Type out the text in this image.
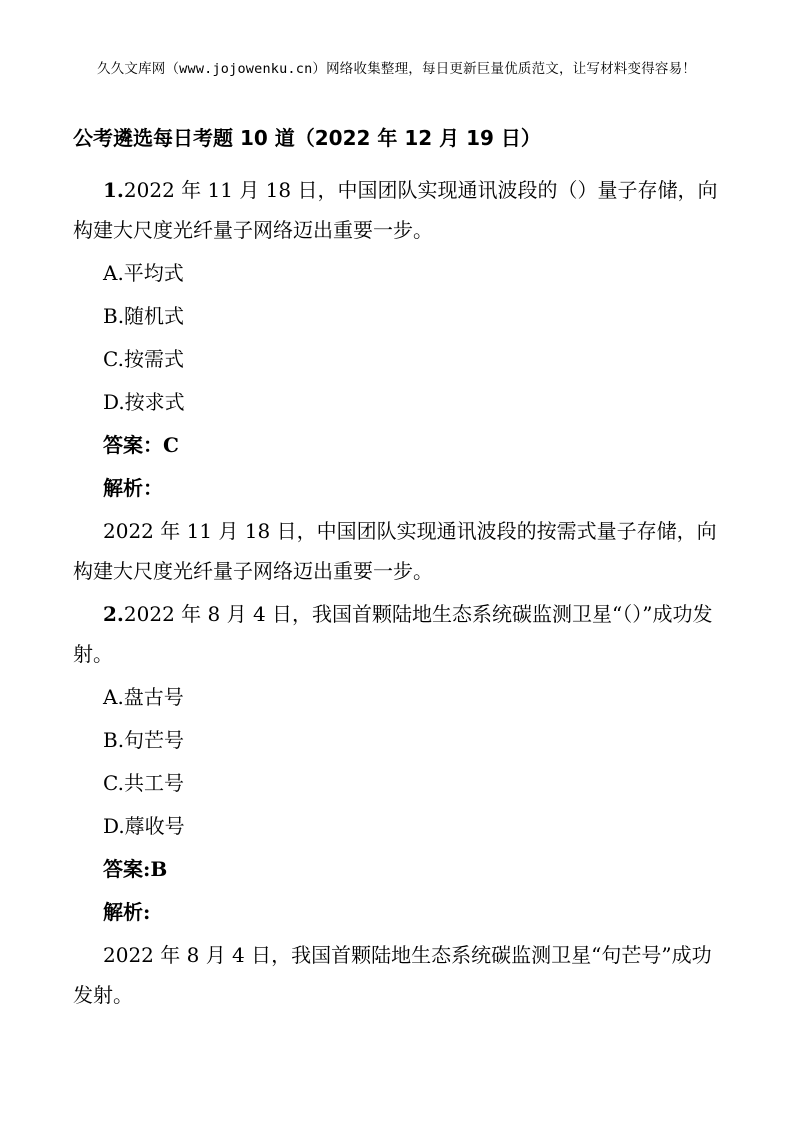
久久文库网（www.jojowenku.cn）网络收集整理，每日更新巨量优质范文，让写材料变得容易！
公考遴选每日考题 10 道（2022 年 12 月 19 日）

1.2022 年 11 月 18 日，中国团队实现通讯波段的（）量子存储，向构建大尺度光纤量子网络迈出重要一步。

A.平均式

B.随机式

C.按需式

D.按求式

答案：C

解析：

2022 年 11 月 18 日，中国团队实现通讯波段的按需式量子存储，向构建大尺度光纤量子网络迈出重要一步。

2.2022 年 8 月 4 日，我国首颗陆地生态系统碳监测卫星“（）”成功发射。

A.盘古号

B.句芒号

C.共工号

D.蓐收号

答案:B

解析:

2022 年 8 月 4 日，我国首颗陆地生态系统碳监测卫星“句芒号”成功发射。
